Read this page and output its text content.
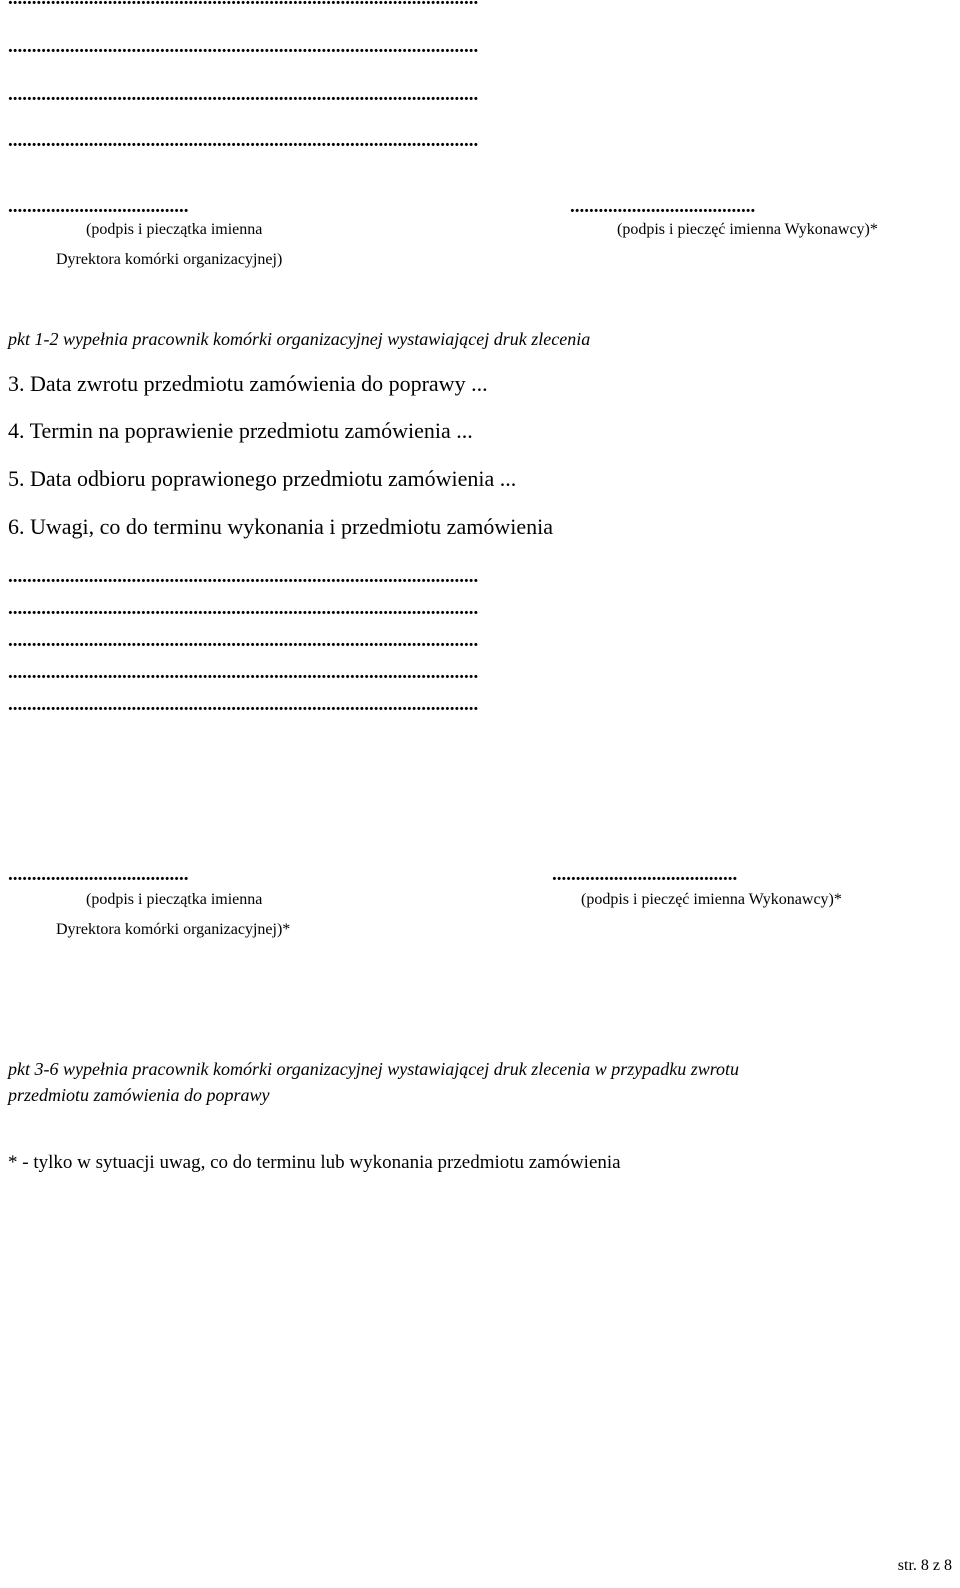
...................................................................................................
...................................................................................................
...................................................................................................
......................................	.......................................
(podpis i pieczątka imienna	(podpis i pieczęć imienna Wykonawcy)*
Dyrektora komórki organizacyjnej)
pkt 1-2 wypełnia pracownik komórki organizacyjnej wystawiającej druk zlecenia
3. Data zwrotu przedmiotu zamówienia do poprawy ...
4. Termin na poprawienie przedmiotu zamówienia ...
5. Data odbioru poprawionego przedmiotu zamówienia ...
6. Uwagi, co do terminu wykonania i przedmiotu zamówienia
...................................................................................................
...................................................................................................
...................................................................................................
...................................................................................................
...................................................................................................
......................................	.......................................
(podpis i pieczątka imienna	(podpis i pieczęć imienna Wykonawcy)*
Dyrektora komórki organizacyjnej)*
pkt 3-6 wypełnia pracownik komórki organizacyjnej wystawiającej druk zlecenia w przypadku zwrotu
przedmiotu zamówienia do poprawy
* - tylko w sytuacji uwag, co do terminu lub wykonania przedmiotu zamówienia
str. 8 z 8
